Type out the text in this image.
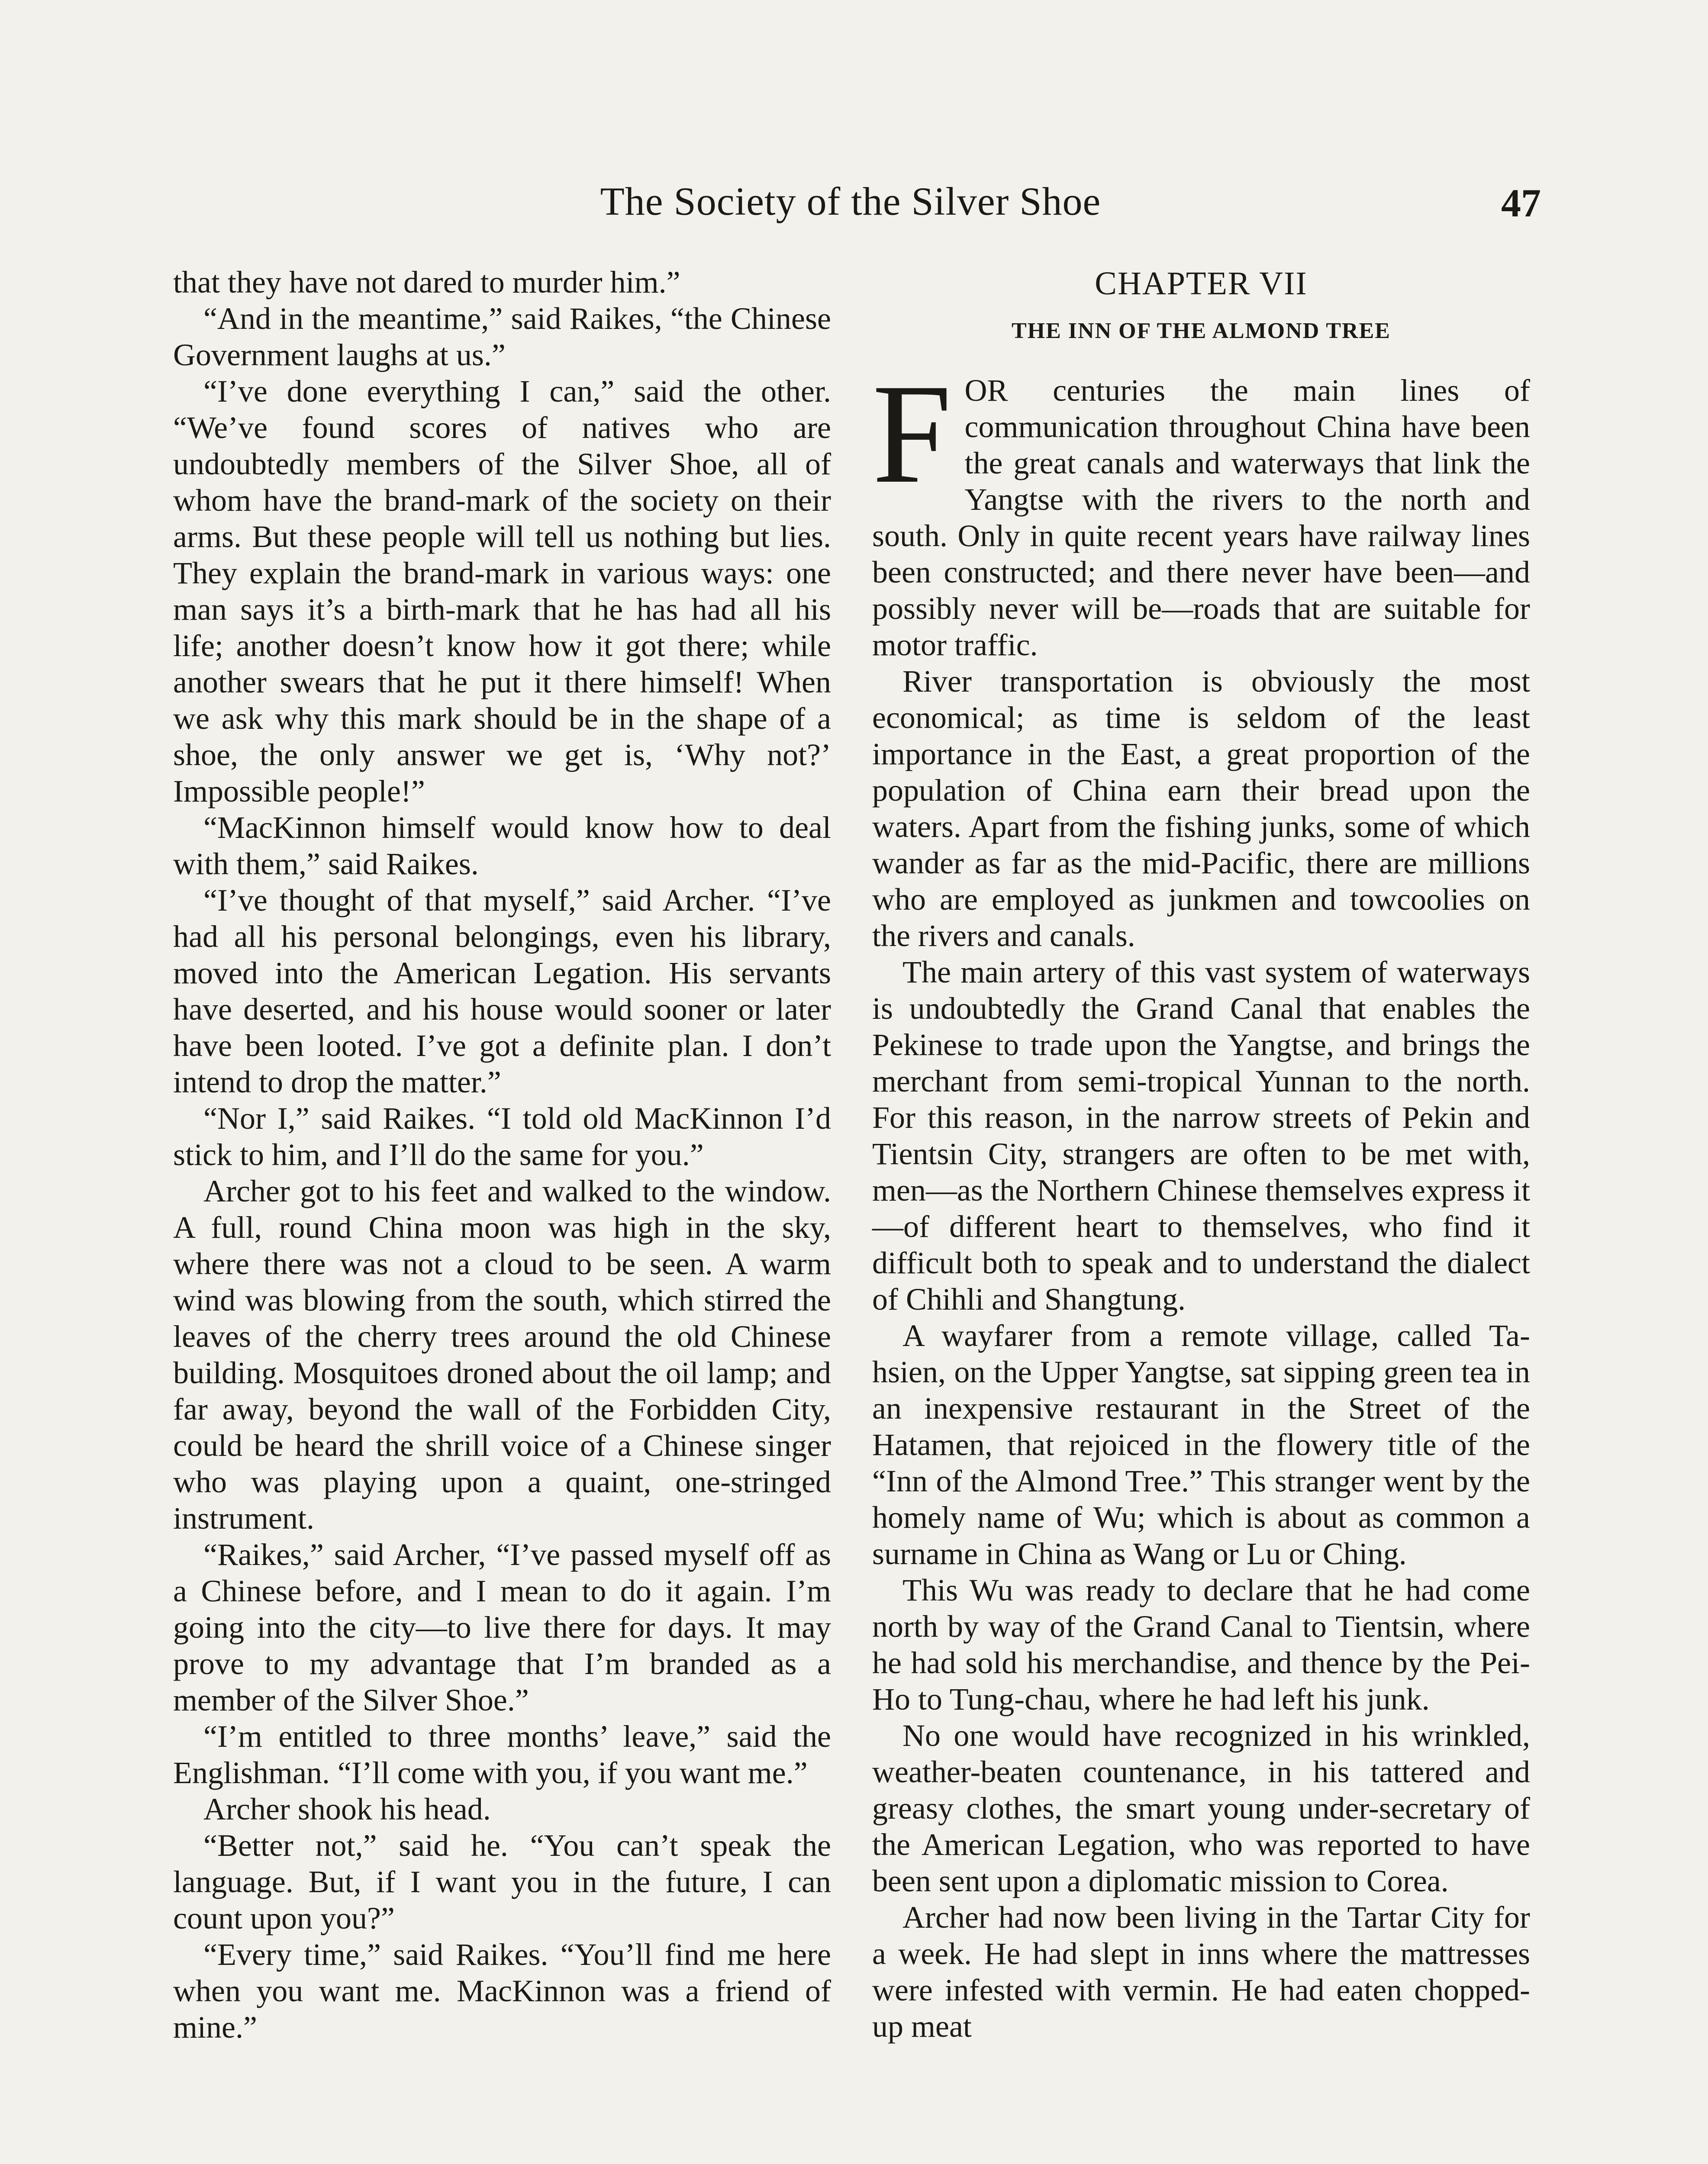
The Society of the Silver Shoe	47

that they have not dared to murder him.”

“And in the meantime,” said Raikes, “the Chinese Government laughs at us.”

“I’ve done everything I can,” said the other. “We’ve found scores of natives who are undoubtedly members of the Silver Shoe, all of whom have the brand-mark of the society on their arms. But these people will tell us nothing but lies. They explain the brand-mark in various ways: one man says it’s a birth-mark that he has had all his life; another doesn’t know how it got there; while another swears that he put it there himself! When we ask why this mark should be in the shape of a shoe, the only answer we get is, ‘Why not?’ Impossible people!”

“MacKinnon himself would know how to deal with them,” said Raikes.

“I’ve thought of that myself,” said Archer. “I’ve had all his personal belongings, even his library, moved into the American Legation. His servants have deserted, and his house would sooner or later have been looted. I’ve got a definite plan. I don’t intend to drop the matter.”

“Nor I,” said Raikes. “I told old MacKinnon I’d stick to him, and I’ll do the same for you.”

Archer got to his feet and walked to the window. A full, round China moon was high in the sky, where there was not a cloud to be seen. A warm wind was blowing from the south, which stirred the leaves of the cherry trees around the old Chinese building. Mosquitoes droned about the oil lamp; and far away, beyond the wall of the Forbidden City, could be heard the shrill voice of a Chinese singer who was playing upon a quaint, one-stringed instrument.

“Raikes,” said Archer, “I’ve passed myself off as a Chinese before, and I mean to do it again. I’m going into the city—to live there for days. It may prove to my advantage that I’m branded as a member of the Silver Shoe.”

“I’m entitled to three months’ leave,” said the Englishman. “I’ll come with you, if you want me.”

Archer shook his head.

“Better not,” said he. “You can’t speak the language. But, if I want you in the future, I can count upon you?”

“Every time,” said Raikes. “You’ll find me here when you want me. MacKinnon was a friend of mine.”

CHAPTER VII
THE INN OF THE ALMOND TREE

FOR centuries the main lines of communication throughout China have been the great canals and waterways that link the Yangtse with the rivers to the north and south. Only in quite recent years have railway lines been constructed; and there never have been—and possibly never will be—roads that are suitable for motor traffic.

River transportation is obviously the most economical; as time is seldom of the least importance in the East, a great proportion of the population of China earn their bread upon the waters. Apart from the fishing junks, some of which wander as far as the mid-Pacific, there are millions who are employed as junkmen and towcoolies on the rivers and canals.

The main artery of this vast system of waterways is undoubtedly the Grand Canal that enables the Pekinese to trade upon the Yangtse, and brings the merchant from semi-tropical Yunnan to the north. For this reason, in the narrow streets of Pekin and Tientsin City, strangers are often to be met with, men—as the Northern Chinese themselves express it—of different heart to themselves, who find it difficult both to speak and to understand the dialect of Chihli and Shangtung.

A wayfarer from a remote village, called Ta-hsien, on the Upper Yangtse, sat sipping green tea in an inexpensive restaurant in the Street of the Hatamen, that rejoiced in the flowery title of the “Inn of the Almond Tree.” This stranger went by the homely name of Wu; which is about as common a surname in China as Wang or Lu or Ching.

This Wu was ready to declare that he had come north by way of the Grand Canal to Tientsin, where he had sold his merchandise, and thence by the Pei-Ho to Tung-chau, where he had left his junk.

No one would have recognized in his wrinkled, weather-beaten countenance, in his tattered and greasy clothes, the smart young under-secretary of the American Legation, who was reported to have been sent upon a diplomatic mission to Corea.

Archer had now been living in the Tartar City for a week. He had slept in inns where the mattresses were infested with vermin. He had eaten chopped-up meat
